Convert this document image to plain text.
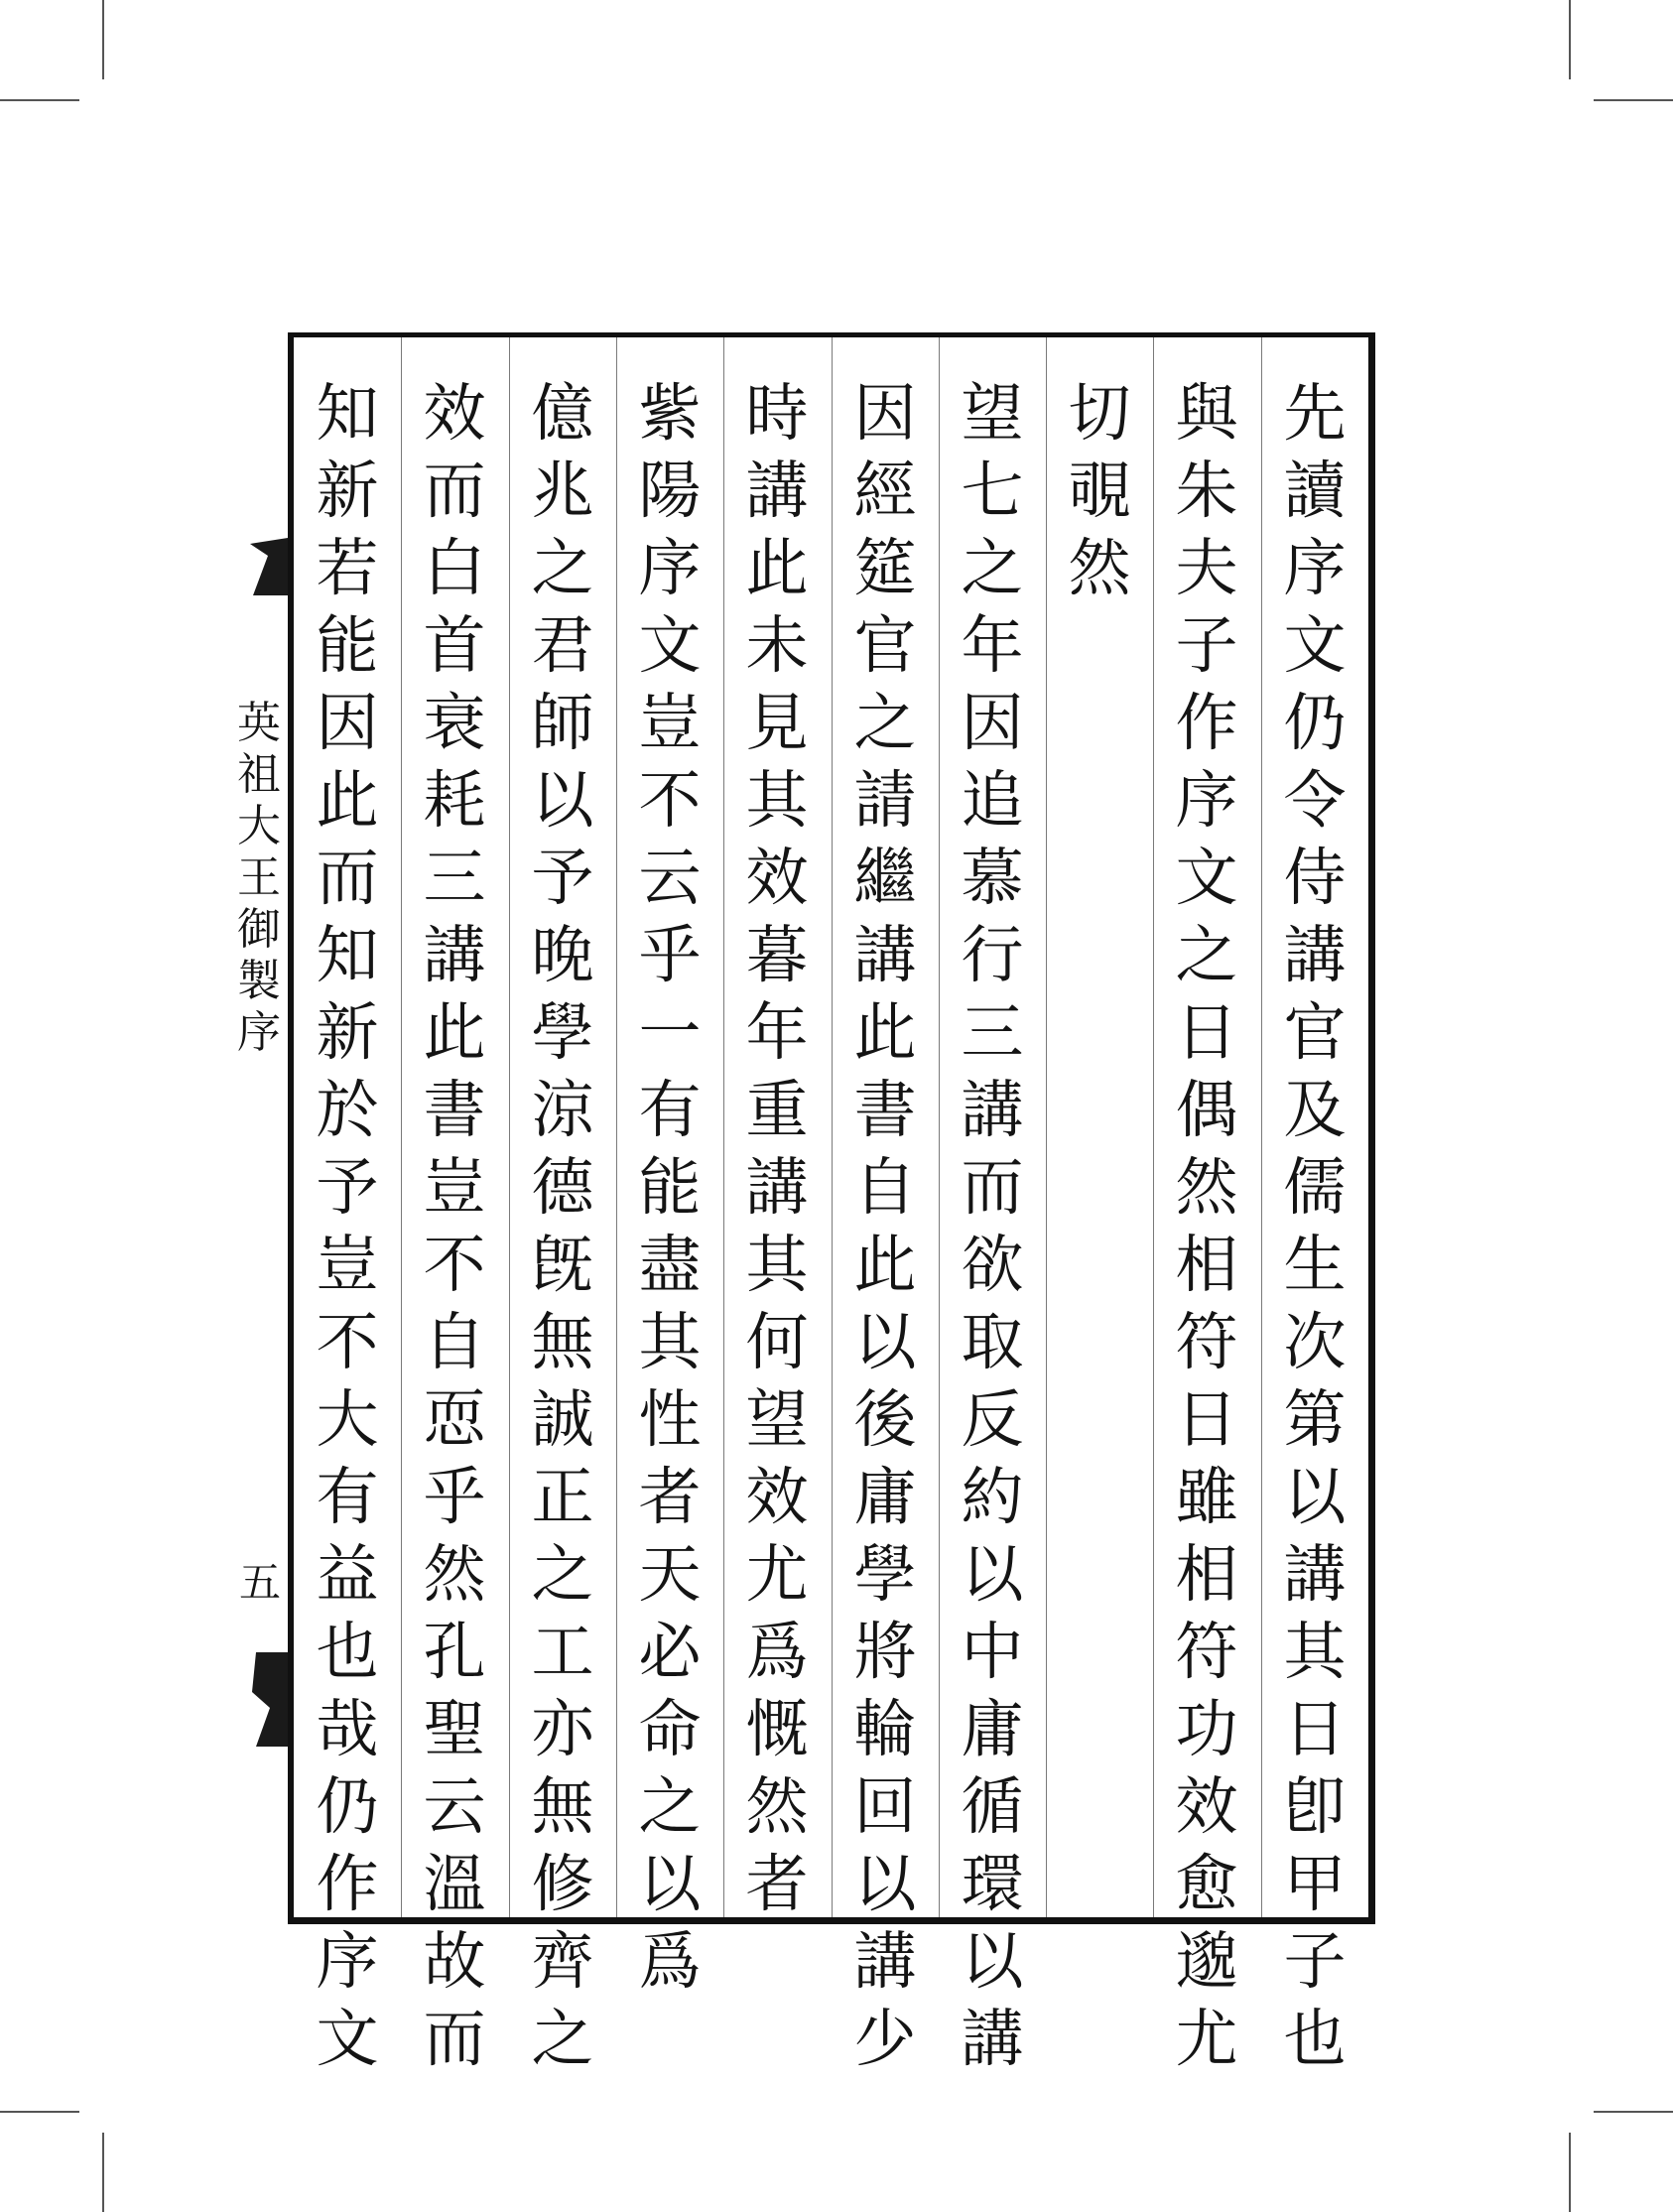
英
祖
大
王
御
製
序
五
先
讀
序
文
仍
令
侍
講
官
及
儒
生
次
第
以
講
其
日
卽
甲
子
也
與
朱
夫
子
作
序
文
之
日
偶
然
相
符
日
雖
相
符
功
效
愈
邈
尤
切
覗
然
望
七
之
年
因
追
慕
行
三
講
而
欲
取
反
約
以
中
庸
循
環
以
講
因
經
筵
官
之
請
繼
講
此
書
自
此
以
後
庸
學
將
輪
回
以
講
少
時
講
此
未
見
其
效
暮
年
重
講
其
何
望
效
尤
爲
慨
然
者
紫
陽
序
文
豈
不
云
乎
一
有
能
盡
其
性
者
天
必
命
之
以
爲
億
兆
之
君
師
以
予
晚
學
涼
德
旣
無
誠
正
之
工
亦
無
修
齊
之
效
而
白
首
衰
耗
三
講
此
書
豈
不
自
恧
乎
然
孔
聖
云
溫
故
而
知
新
若
能
因
此
而
知
新
於
予
豈
不
大
有
益
也
哉
仍
作
序
文
